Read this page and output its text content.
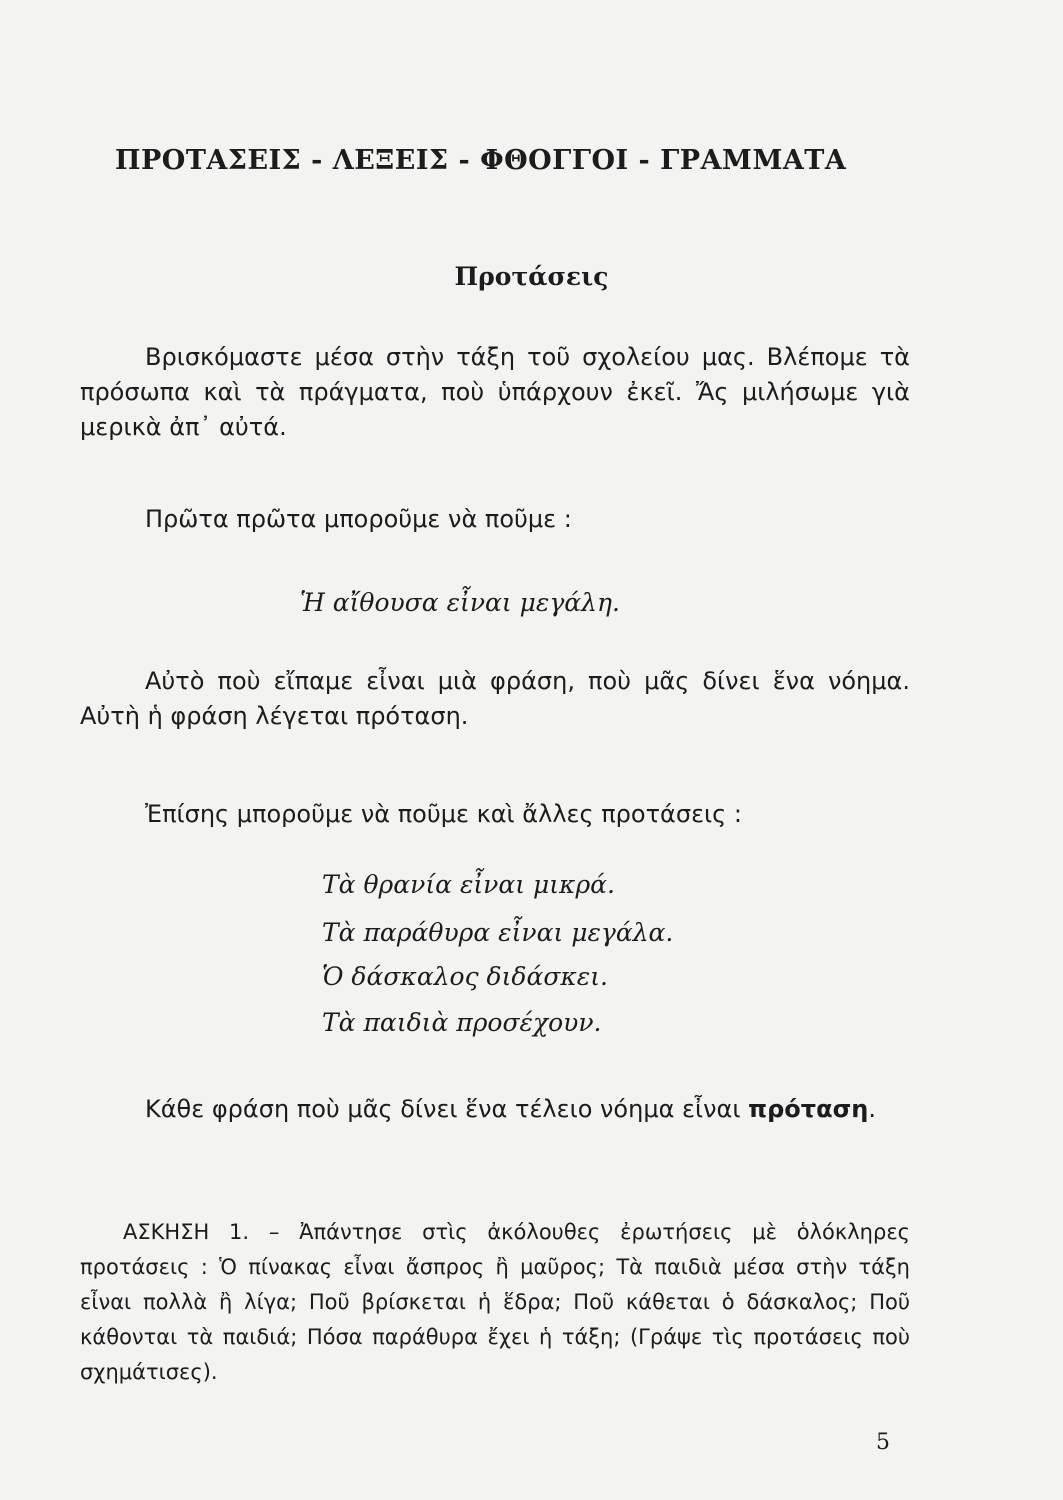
ΠΡΟΤΑΣΕΙΣ - ΛΕΞΕΙΣ - ΦΘΟΓΓΟΙ - ΓΡΑΜΜΑΤΑ
Προτάσεις

Βρισκόμαστε μέσα στὴν τάξη τοῦ σχολείου μας. Βλέπομε τὰ πρόσωπα καὶ τὰ πράγματα, ποὺ ὑπάρχουν ἐκεῖ. Ἄς μιλήσωμε γιὰ μερικὰ ἀπ᾽ αὐτά.

Πρῶτα πρῶτα μποροῦμε νὰ ποῦμε :

Ἡ αἴθουσα εἶναι μεγάλη.

Αὐτὸ ποὺ εἴπαμε εἶναι μιὰ φράση, ποὺ μᾶς δίνει ἕνα νόημα. Αὐτὴ ἡ φράση λέγεται πρόταση.

Ἐπίσης μποροῦμε νὰ ποῦμε καὶ ἄλλες προτάσεις :

Τὰ θρανία εἶναι μικρά.

Τὰ παράθυρα εἶναι μεγάλα.

Ὁ δάσκαλος διδάσκει.

Τὰ παιδιὰ προσέχουν.

Κάθε φράση ποὺ μᾶς δίνει ἕνα τέλειο νόημα εἶναι πρόταση.

ΑΣΚΗΣΗ 1. – Ἀπάντησε στὶς ἀκόλουθες ἐρωτήσεις μὲ ὁλόκληρες προτάσεις : Ὁ πίνακας εἶναι ἄσπρος ἢ μαῦρος; Τὰ παιδιὰ μέσα στὴν τάξη εἶναι πολλὰ ἢ λίγα; Ποῦ βρίσκεται ἡ ἕδρα; Ποῦ κάθεται ὁ δάσκαλος; Ποῦ κάθονται τὰ παιδιά; Πόσα παράθυρα ἔχει ἡ τάξη; (Γράψε τὶς προτάσεις ποὺ σχημάτισες).

5
